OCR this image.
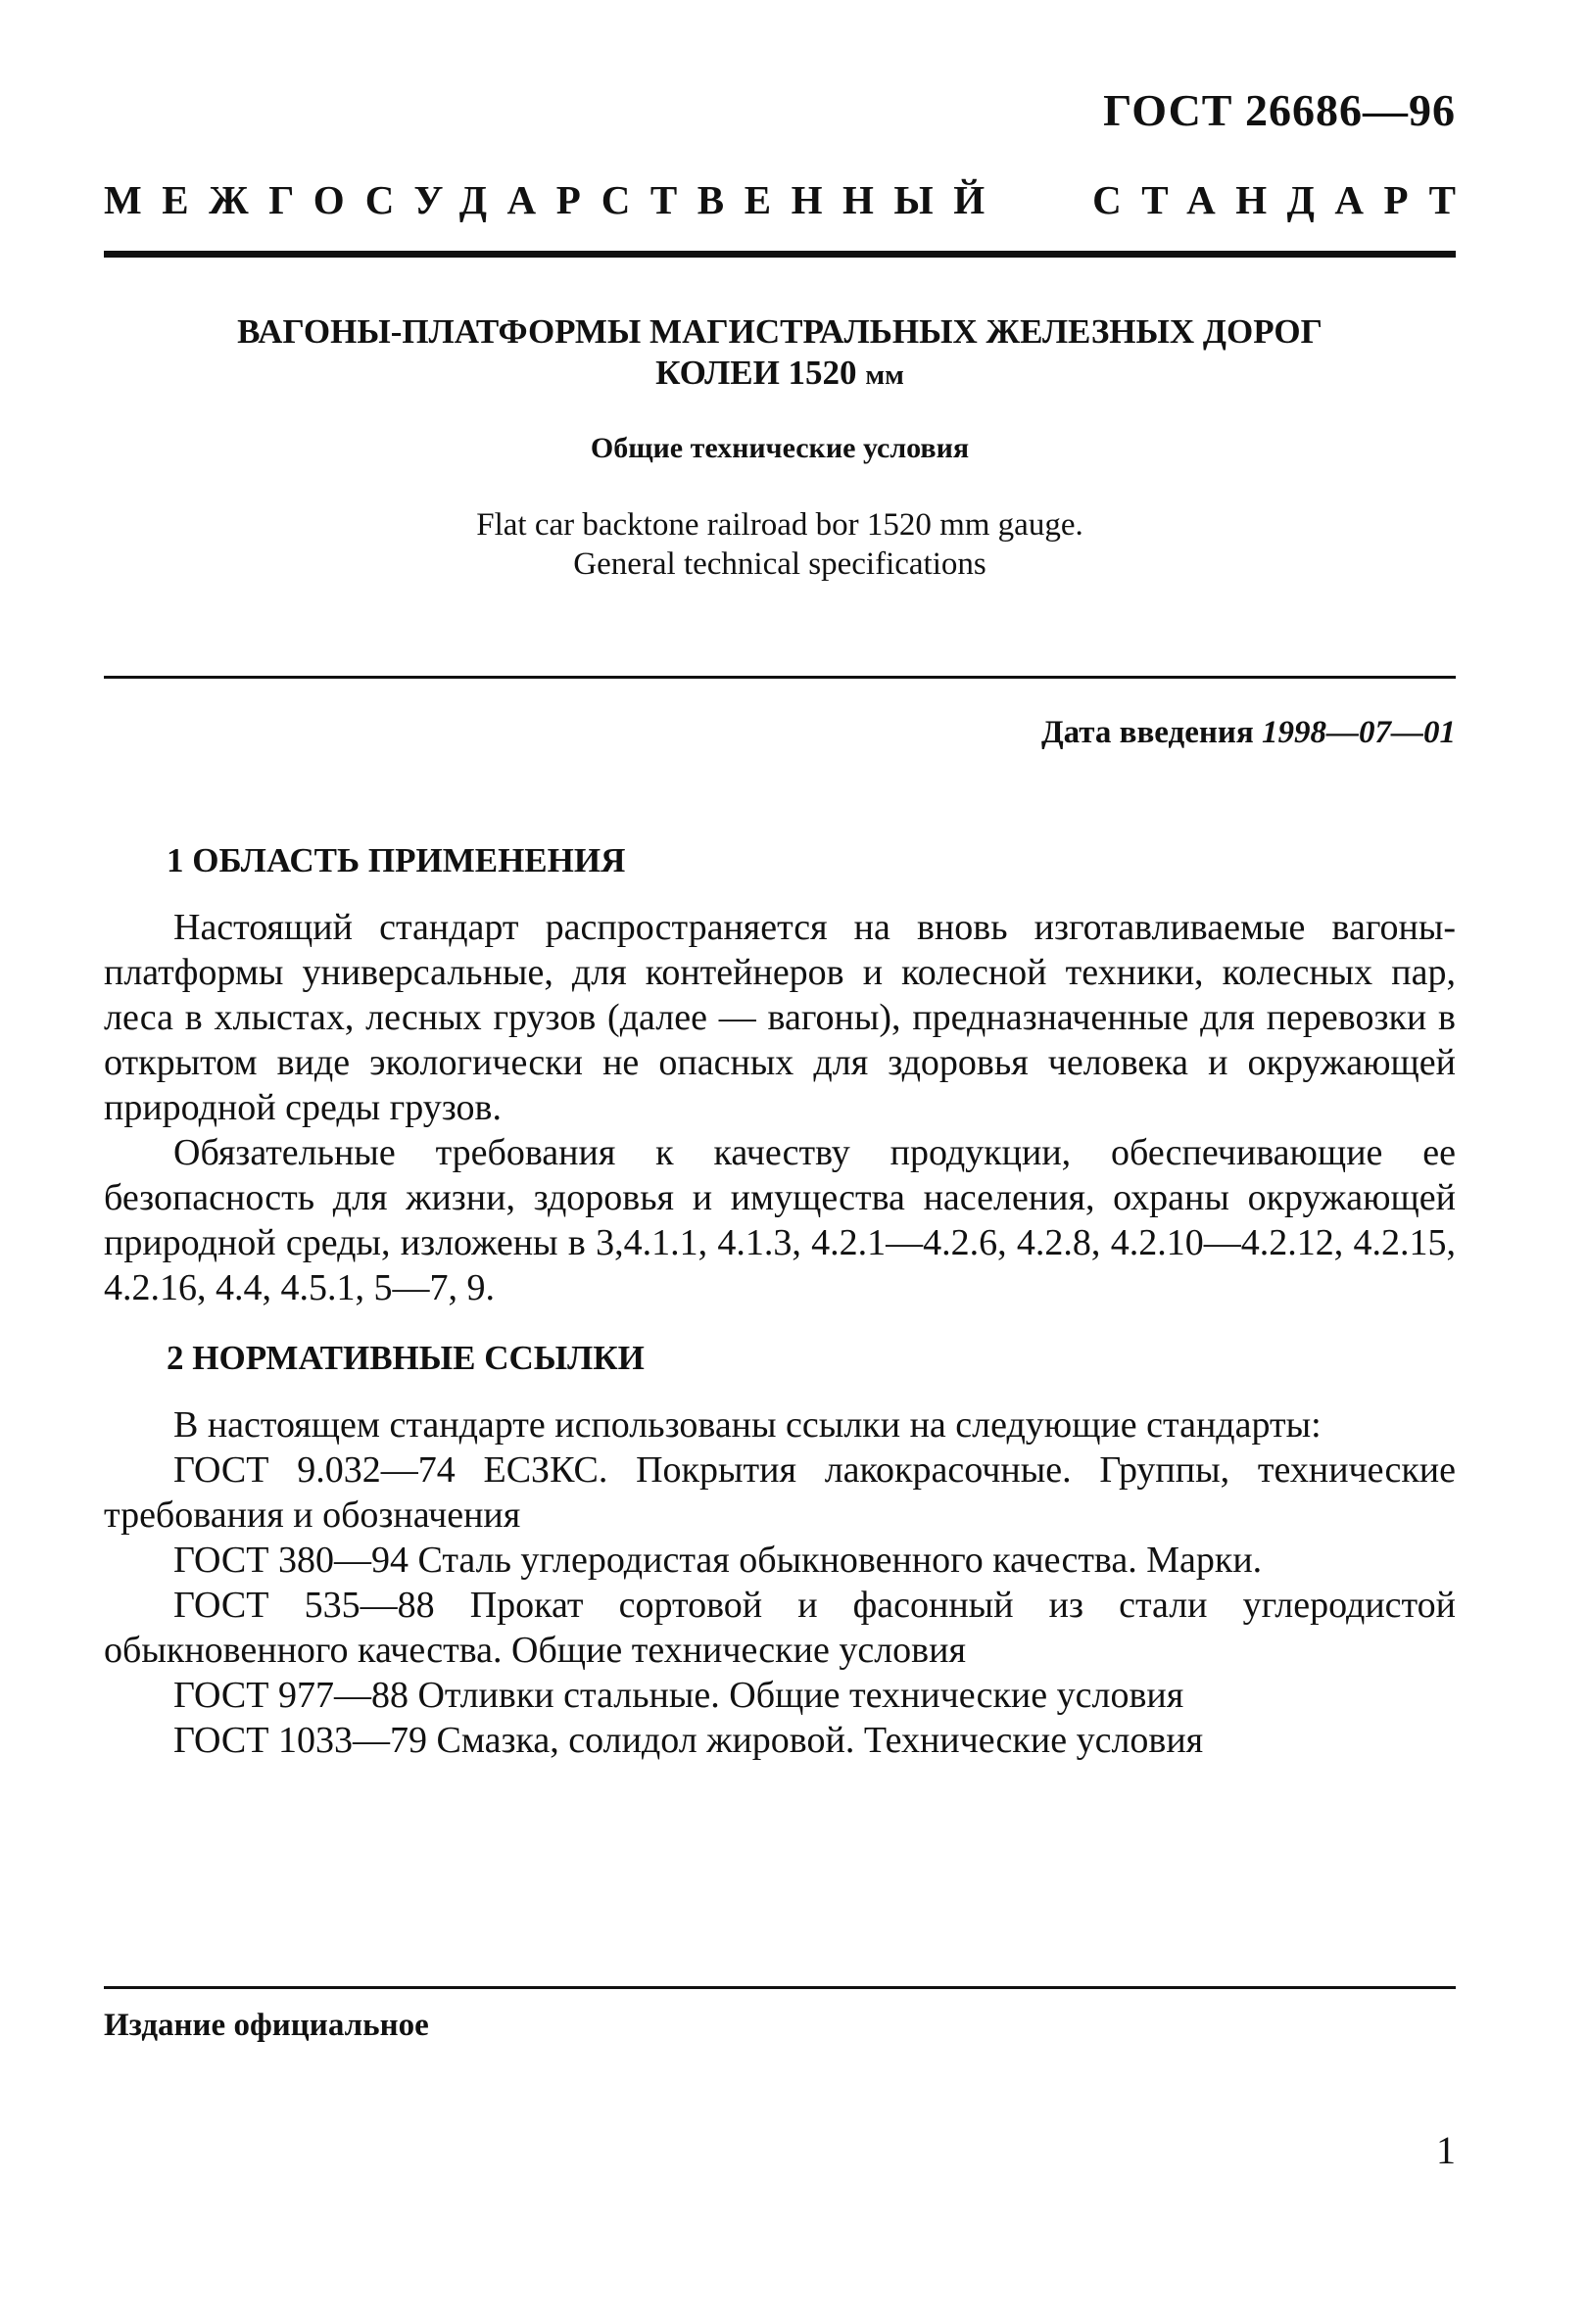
ГОСТ 26686—96
МЕЖГОСУДАРСТВЕННЫЙ СТАНДАРТ
ВАГОНЫ-ПЛАТФОРМЫ МАГИСТРАЛЬНЫХ ЖЕЛЕЗНЫХ ДОРОГ
КОЛЕИ 1520 мм
Общие технические условия
Flat car backtone railroad bor 1520 mm gauge.
General technical specifications
Дата введения 1998—07—01
1 ОБЛАСТЬ ПРИМЕНЕНИЯ

Настоящий стандарт распространяется на вновь изготавливаемые вагоны-платформы универсальные, для контейнеров и колесной техники, колесных пар, леса в хлыстах, лесных грузов (далее — вагоны), предназначенные для перевозки в открытом виде экологически не опасных для здоровья человека и окружающей природной среды грузов.

Обязательные требования к качеству продукции, обеспечивающие ее безопасность для жизни, здоровья и имущества населения, охраны окружающей природной среды, изложены в 3,4.1.1, 4.1.3, 4.2.1—4.2.6, 4.2.8, 4.2.10—4.2.12, 4.2.15, 4.2.16, 4.4, 4.5.1, 5—7, 9.

2 НОРМАТИВНЫЕ ССЫЛКИ

В настоящем стандарте использованы ссылки на следующие стандарты:

ГОСТ 9.032—74 ЕСЗКС. Покрытия лакокрасочные. Группы, технические требования и обозначения

ГОСТ 380—94 Сталь углеродистая обыкновенного качества. Марки.

ГОСТ 535—88 Прокат сортовой и фасонный из стали углеродистой обыкновенного качества. Общие технические условия

ГОСТ 977—88 Отливки стальные. Общие технические условия

ГОСТ 1033—79 Смазка, солидол жировой. Технические условия

Издание официальное
1
